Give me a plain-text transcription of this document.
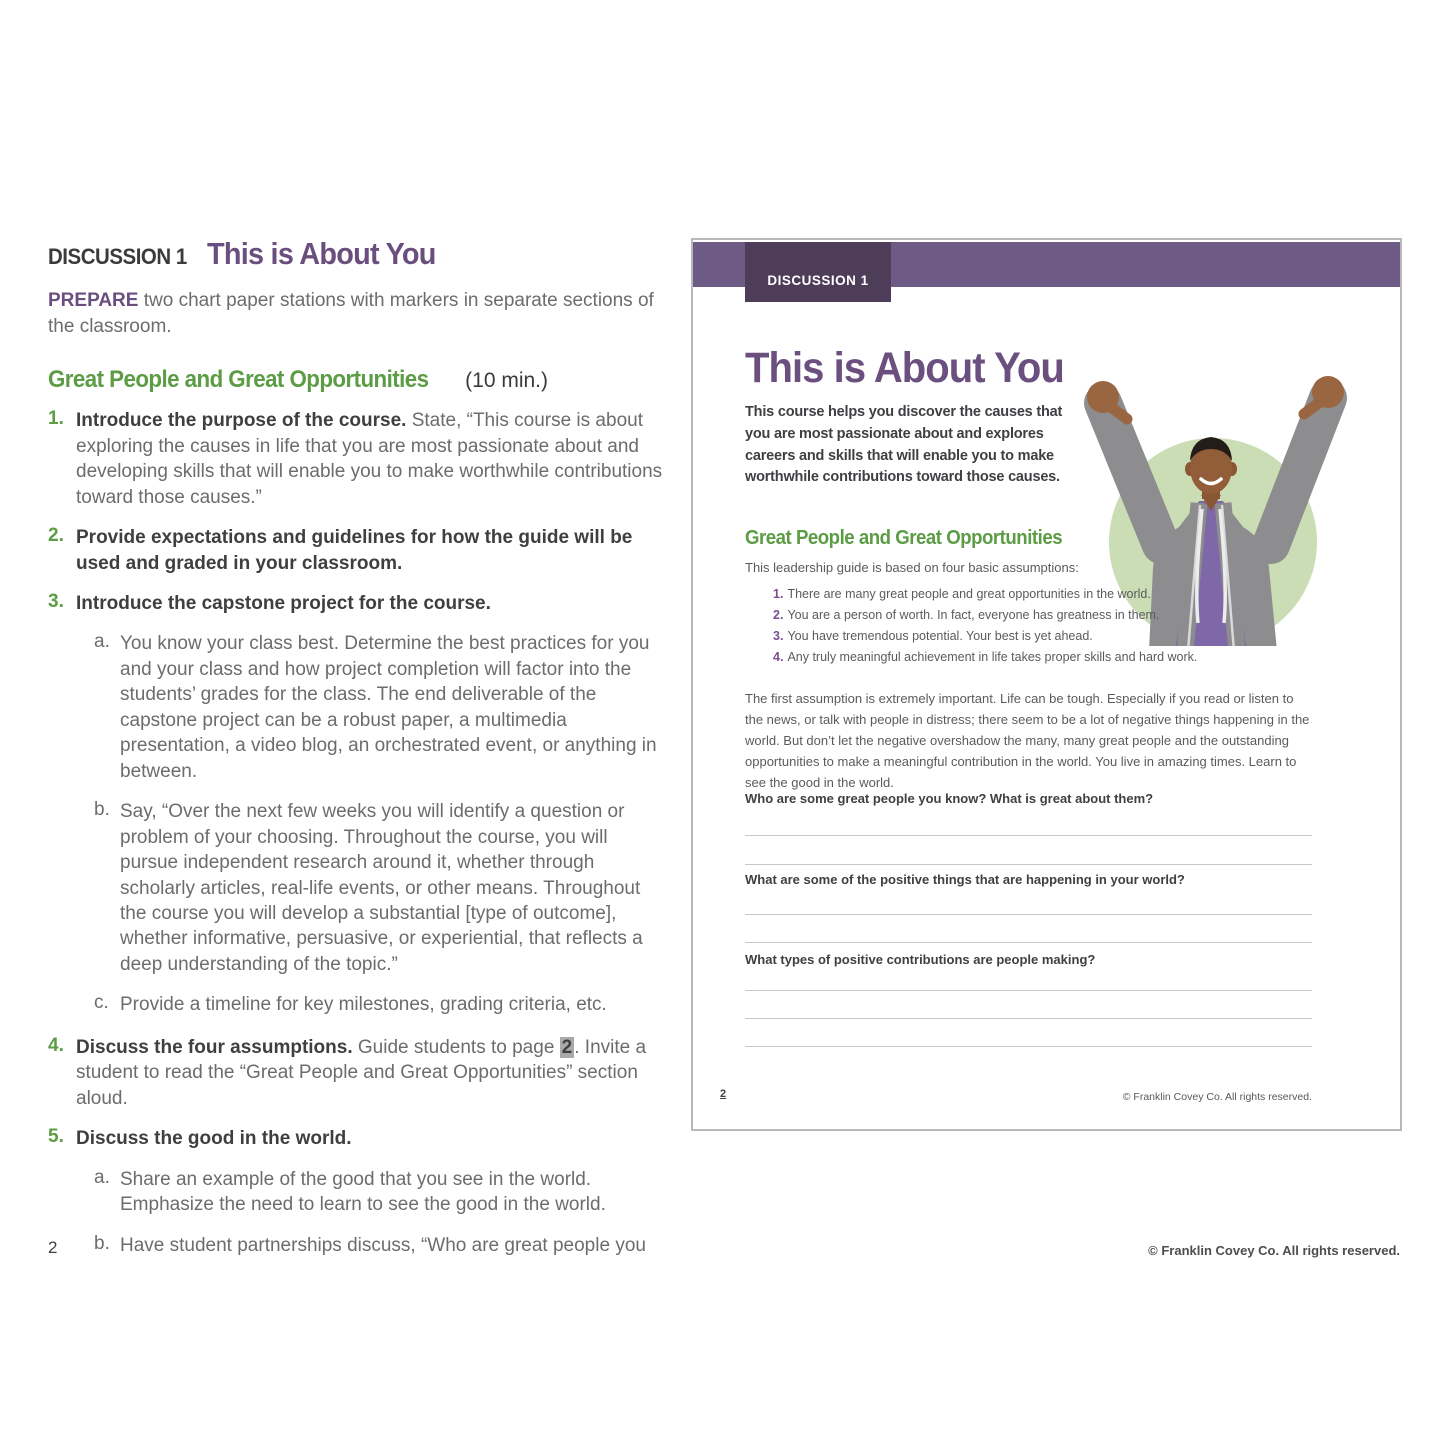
DISCUSSION 1 This is About You

PREPARE two chart paper stations with markers in separate sections of the classroom.

Great People and Great Opportunities (10 min.)
1. Introduce the purpose of the course. State, “This course is about exploring the causes in life that you are most passionate about and developing skills that will enable you to make worthwhile contributions toward those causes.”
2. Provide expectations and guidelines for how the guide will be used and graded in your classroom.
3. Introduce the capstone project for the course.
a. You know your class best. Determine the best practices for you and your class and how project completion will factor into the students’ grades for the class. The end deliverable of the capstone project can be a robust paper, a multimedia presentation, a video blog, an orchestrated event, or anything in between.
b. Say, “Over the next few weeks you will identify a question or problem of your choosing. Throughout the course, you will pursue independent research around it, whether through scholarly articles, real-life events, or other means. Throughout the course you will develop a substantial [type of outcome], whether informative, persuasive, or experiential, that reflects a deep understanding of the topic.”
c. Provide a timeline for key milestones, grading criteria, etc.
4. Discuss the four assumptions. Guide students to page 2 . Invite a student to read the “Great People and Great Opportunities” section aloud.
5. Discuss the good in the world.
a. Share an example of the good that you see in the world. Emphasize the need to learn to see the good in the world.
b. Have student partnerships discuss, “Who are great people you
2	© Franklin Covey Co. All rights reserved.
DISCUSSION 1
This is About You
This course helps you discover the causes that you are most passionate about and explores careers and skills that will enable you to make worthwhile contributions toward those causes.
Great People and Great Opportunities
This leadership guide is based on four basic assumptions:
1. There are many great people and great opportunities in the world.
2. You are a person of worth. In fact, everyone has greatness in them.
3. You have tremendous potential. Your best is yet ahead.
4. Any truly meaningful achievement in life takes proper skills and hard work.
The first assumption is extremely important. Life can be tough. Especially if you read or listen to the news, or talk with people in distress; there seem to be a lot of negative things happening in the world. But don’t let the negative overshadow the many, many great people and the outstanding opportunities to make a meaningful contribution in the world. You live in amazing times. Learn to see the good in the world.
Who are some great people you know? What is great about them?
What are some of the positive things that are happening in your world?
What types of positive contributions are people making?
2	© Franklin Covey Co. All rights reserved.
